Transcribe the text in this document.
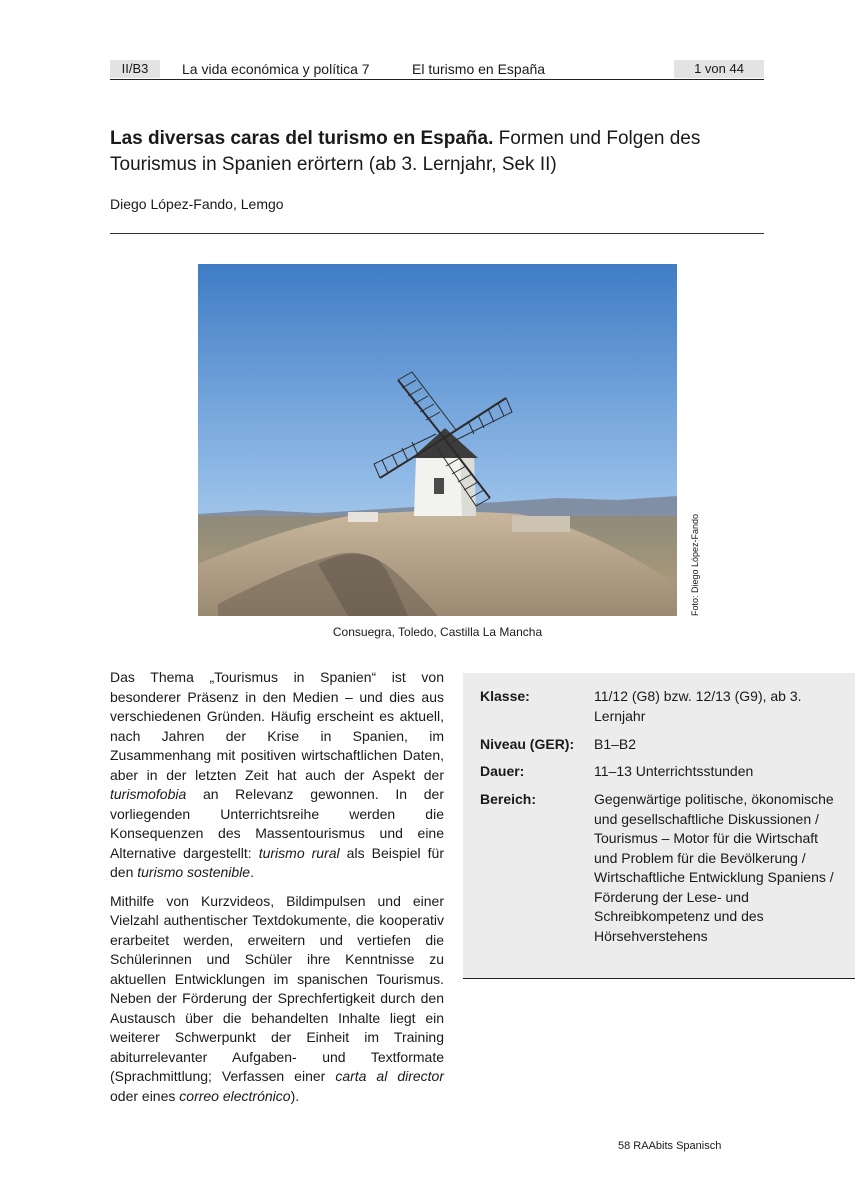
II/B3	La vida económica y política 7	El turismo en España	1 von 44
Las diversas caras del turismo en España. Formen und Folgen des Tourismus in Spanien erörtern (ab 3. Lernjahr, Sek II)
Diego López-Fando, Lemgo
Foto: Diego López-Fando
Consuegra, Toledo, Castilla La Mancha

Das Thema „Tourismus in Spanien“ ist von besonderer Präsenz in den Medien – und dies aus verschiedenen Gründen. Häufig erscheint es aktuell, nach Jahren der Krise in Spanien, im Zusammenhang mit positiven wirtschaftlichen Daten, aber in der letzten Zeit hat auch der Aspekt der turismofobia an Relevanz gewonnen. In der vorliegenden Unterrichtsreihe werden die Konsequenzen des Massentourismus und eine Alternative dargestellt: turismo rural als Beispiel für den turismo sostenible.

Mithilfe von Kurzvideos, Bildimpulsen und einer Vielzahl authentischer Textdokumente, die kooperativ erarbeitet werden, erweitern und vertiefen die Schülerinnen und Schüler ihre Kenntnisse zu aktuellen Entwicklungen im spanischen Tourismus. Neben der Förderung der Sprechfertigkeit durch den Austausch über die behandelten Inhalte liegt ein weiterer Schwerpunkt der Einheit im Training abiturrelevanter Aufgaben- und Textformate (Sprachmittlung; Verfassen einer carta al director oder eines correo electrónico).

Klasse:	11/12 (G8) bzw. 12/13 (G9), ab 3. Lernjahr
Niveau (GER): B1–B2
Dauer:	11–13 Unterrichtsstunden
Bereich:	Gegenwärtige politische, ökonomische und gesellschaftliche Diskussionen / Tourismus – Motor für die Wirtschaft und Problem für die Bevölkerung / Wirtschaftliche Entwicklung Spaniens / Förderung der Lese- und Schreibkompetenz und des Hörsehverstehens
58 RAAbits Spanisch
